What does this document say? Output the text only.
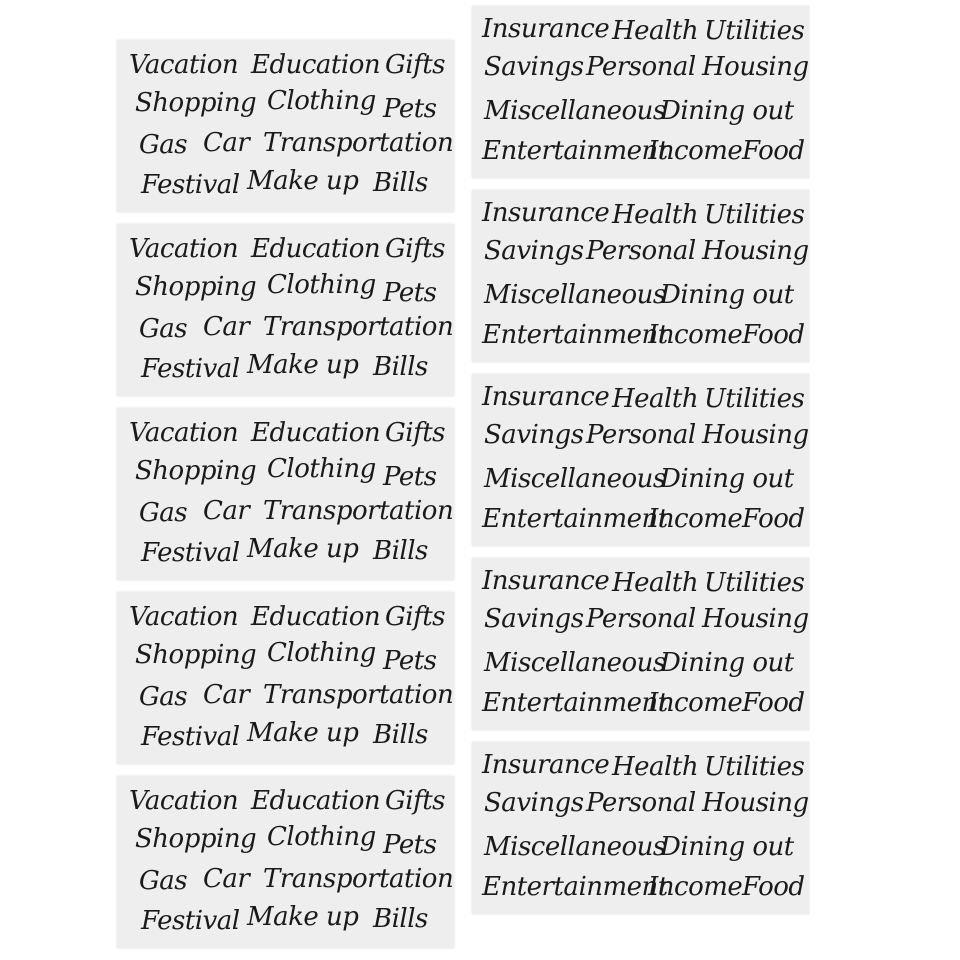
Vacation Education Gifts
Shopping Clothing Pets
Gas Car Transportation
Festival Make up Bills
Vacation Education Gifts
Shopping Clothing Pets
Gas Car Transportation
Festival Make up Bills
Vacation Education Gifts
Shopping Clothing Pets
Gas Car Transportation
Festival Make up Bills
Vacation Education Gifts
Shopping Clothing Pets
Gas Car Transportation
Festival Make up Bills
Vacation Education Gifts
Shopping Clothing Pets
Gas Car Transportation
Festival Make up Bills
Insurance Health Utilities
Savings Personal Housing
Miscellaneous
Dining out
Entertainment
Income Food
Insurance Health Utilities
Savings Personal Housing
Miscellaneous
Dining out
Entertainment
Income Food
Insurance Health Utilities
Savings Personal Housing
Miscellaneous
Dining out
Entertainment
Income Food
Insurance Health Utilities
Savings Personal Housing
Miscellaneous
Dining out
Entertainment
Income Food
Insurance Health Utilities
Savings Personal Housing
Miscellaneous
Dining out
Entertainment
Income Food
